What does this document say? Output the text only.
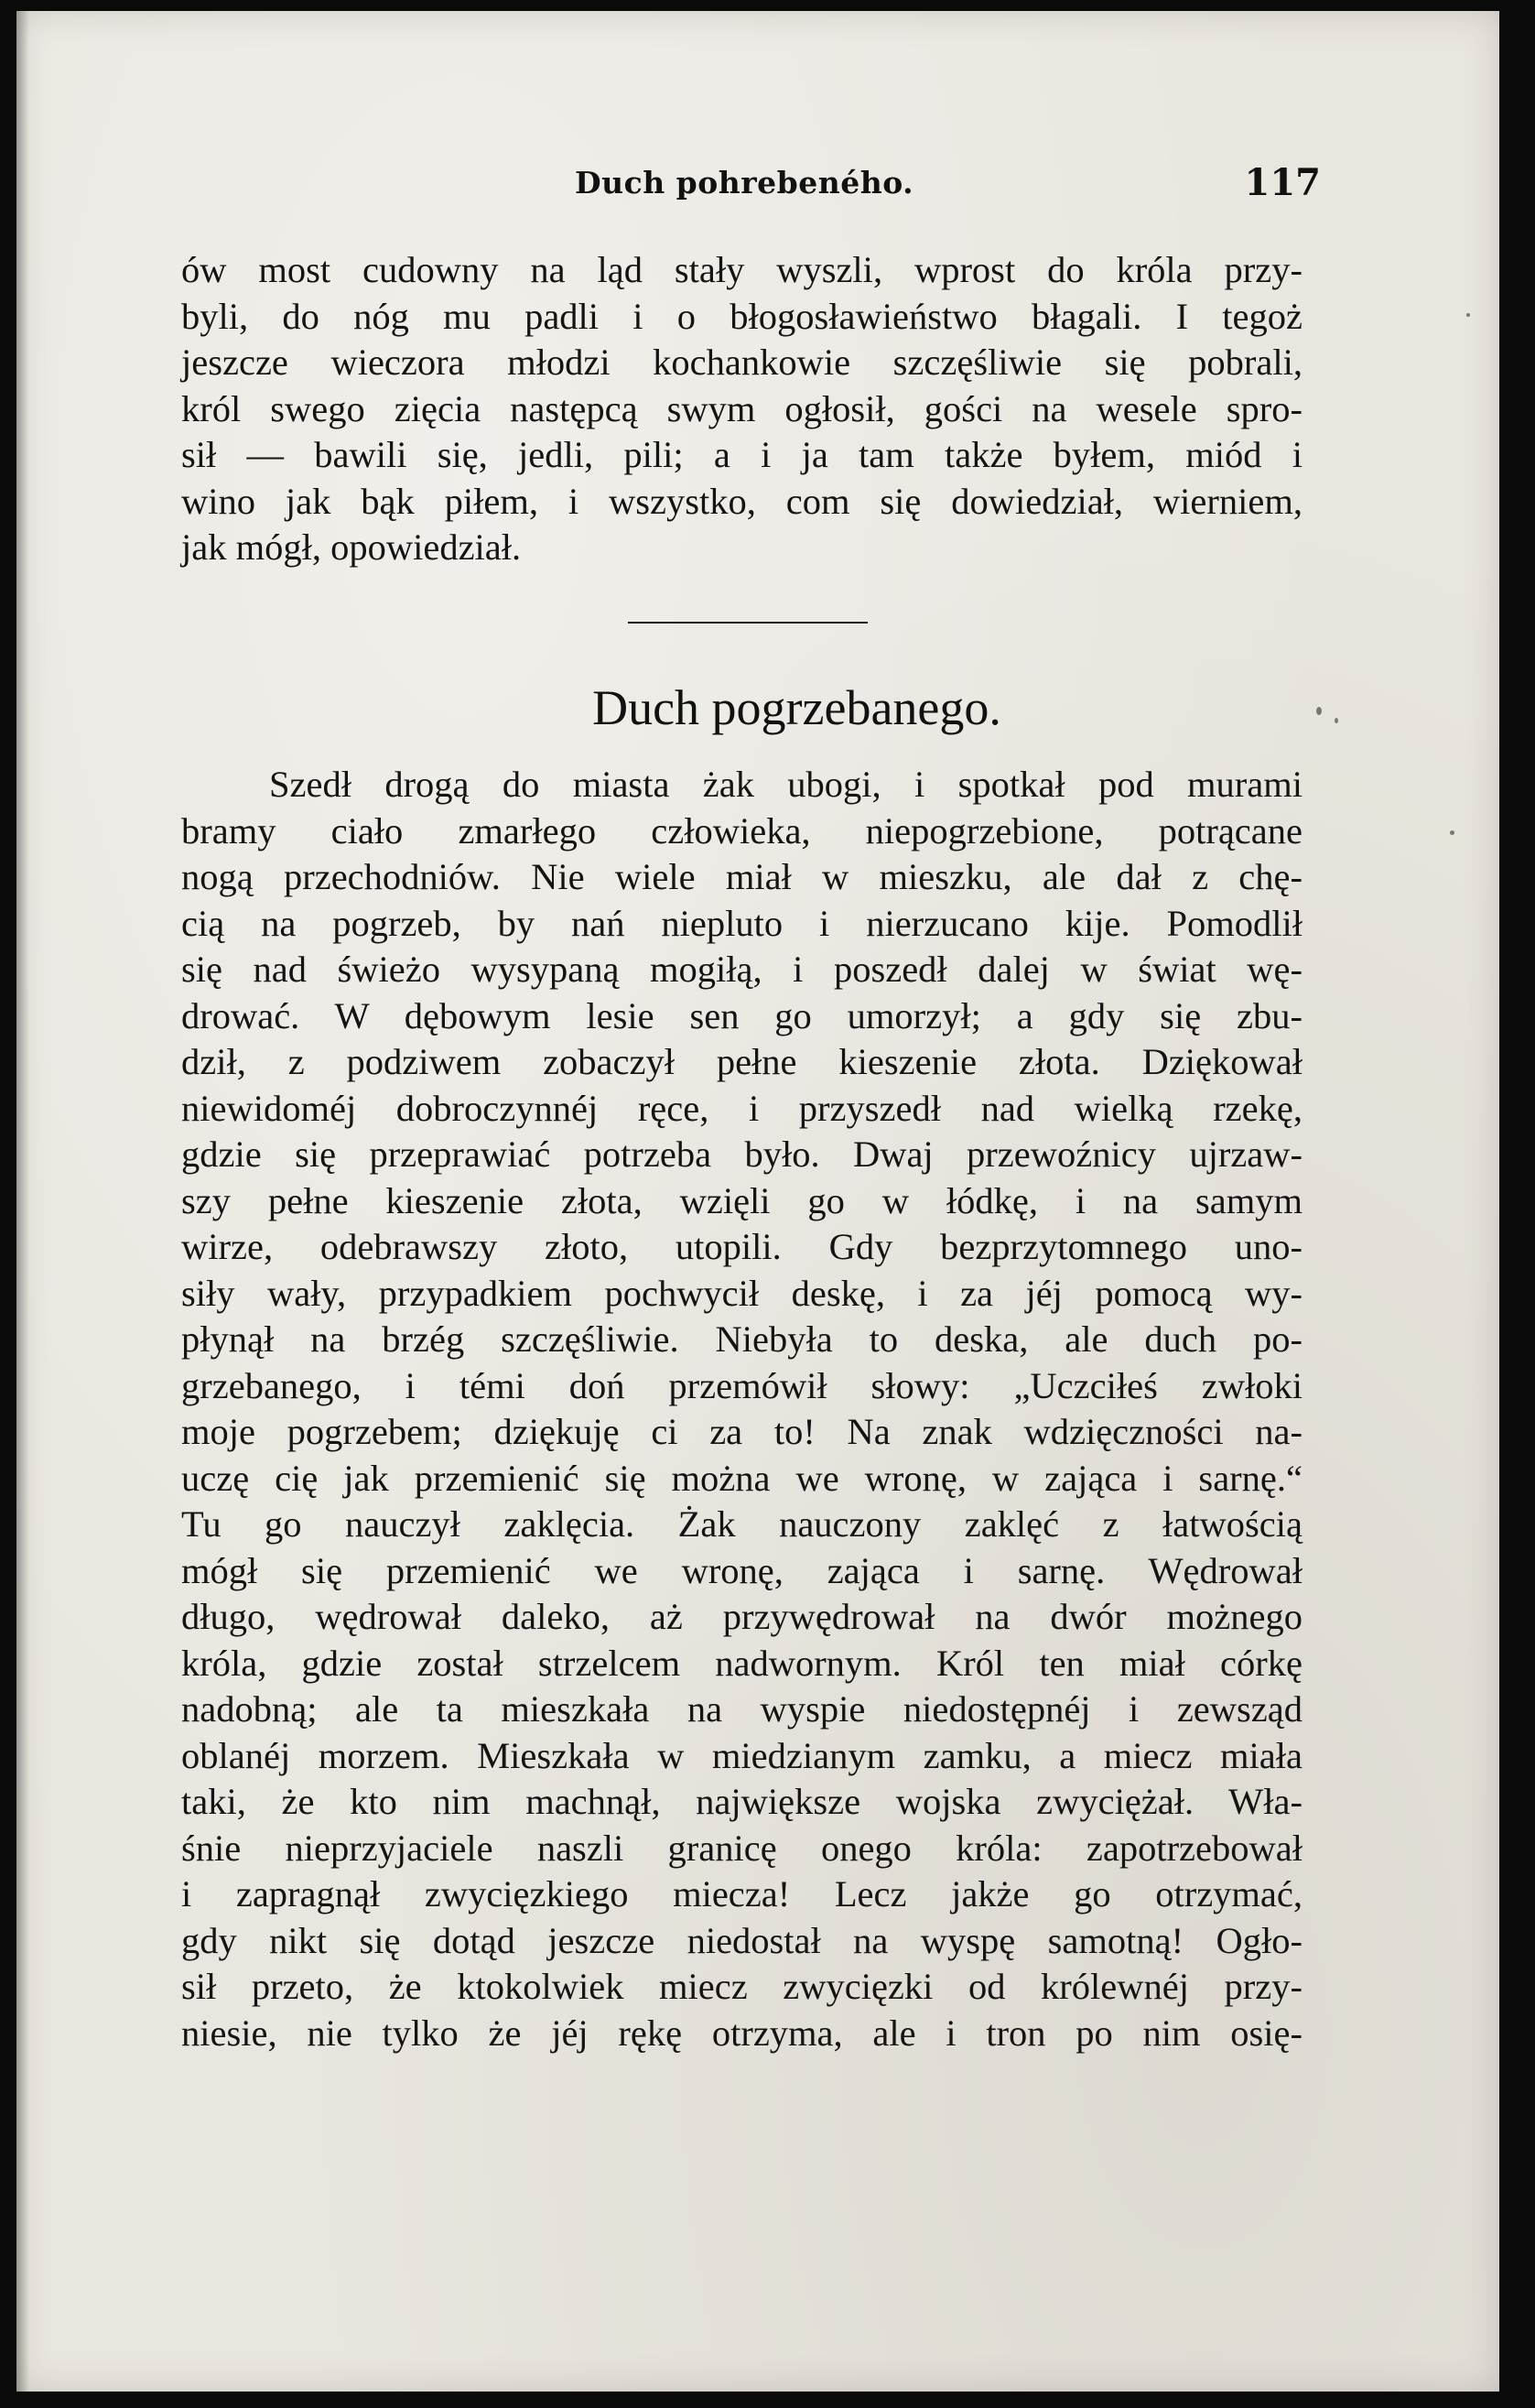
Duch pohrebeného.	117

ów most cudowny na ląd stały wyszli, wprost do króla przy-
byli, do nóg mu padli i o błogosławieństwo błagali. I tegoż
jeszcze wieczora młodzi kochankowie szczęśliwie się pobrali,
król swego zięcia następcą swym ogłosił, gości na wesele spro-
sił — bawili się, jedli, pili; a i ja tam także byłem, miód i
wino jak bąk piłem, i wszystko, com się dowiedział, wierniem,
jak mógł, opowiedział.

Duch pogrzebanego.

Szedł drogą do miasta żak ubogi, i spotkał pod murami
bramy ciało zmarłego człowieka, niepogrzebione, potrącane
nogą przechodniów. Nie wiele miał w mieszku, ale dał z chę-
cią na pogrzeb, by nań niepluto i nierzucano kije. Pomodlił
się nad świeżo wysypaną mogiłą, i poszedł dalej w świat wę-
drować. W dębowym lesie sen go umorzył; a gdy się zbu-
dził, z podziwem zobaczył pełne kieszenie złota. Dziękował
niewidoméj dobroczynnéj ręce, i przyszedł nad wielką rzekę,
gdzie się przeprawiać potrzeba było. Dwaj przewoźnicy ujrzaw-
szy pełne kieszenie złota, wzięli go w łódkę, i na samym
wirze, odebrawszy złoto, utopili. Gdy bezprzytomnego uno-
siły wały, przypadkiem pochwycił deskę, i za jéj pomocą wy-
płynął na brzég szczęśliwie. Niebyła to deska, ale duch po-
grzebanego, i témi doń przemówił słowy: „Uczciłeś zwłoki
moje pogrzebem; dziękuję ci za to! Na znak wdzięczności na-
uczę cię jak przemienić się można we wronę, w zająca i sarnę.“
Tu go nauczył zaklęcia. Żak nauczony zaklęć z łatwością
mógł się przemienić we wronę, zająca i sarnę. Wędrował
długo, wędrował daleko, aż przywędrował na dwór możnego
króla, gdzie został strzelcem nadwornym. Król ten miał córkę
nadobną; ale ta mieszkała na wyspie niedostępnéj i zewsząd
oblanéj morzem. Mieszkała w miedzianym zamku, a miecz miała
taki, że kto nim machnął, największe wojska zwyciężał. Wła-
śnie nieprzyjaciele naszli granicę onego króla: zapotrzebował
i zapragnął zwycięzkiego miecza! Lecz jakże go otrzymać,
gdy nikt się dotąd jeszcze niedostał na wyspę samotną! Ogło-
sił przeto, że ktokolwiek miecz zwycięzki od królewnéj przy-
niesie, nie tylko że jéj rękę otrzyma, ale i tron po nim osię-
